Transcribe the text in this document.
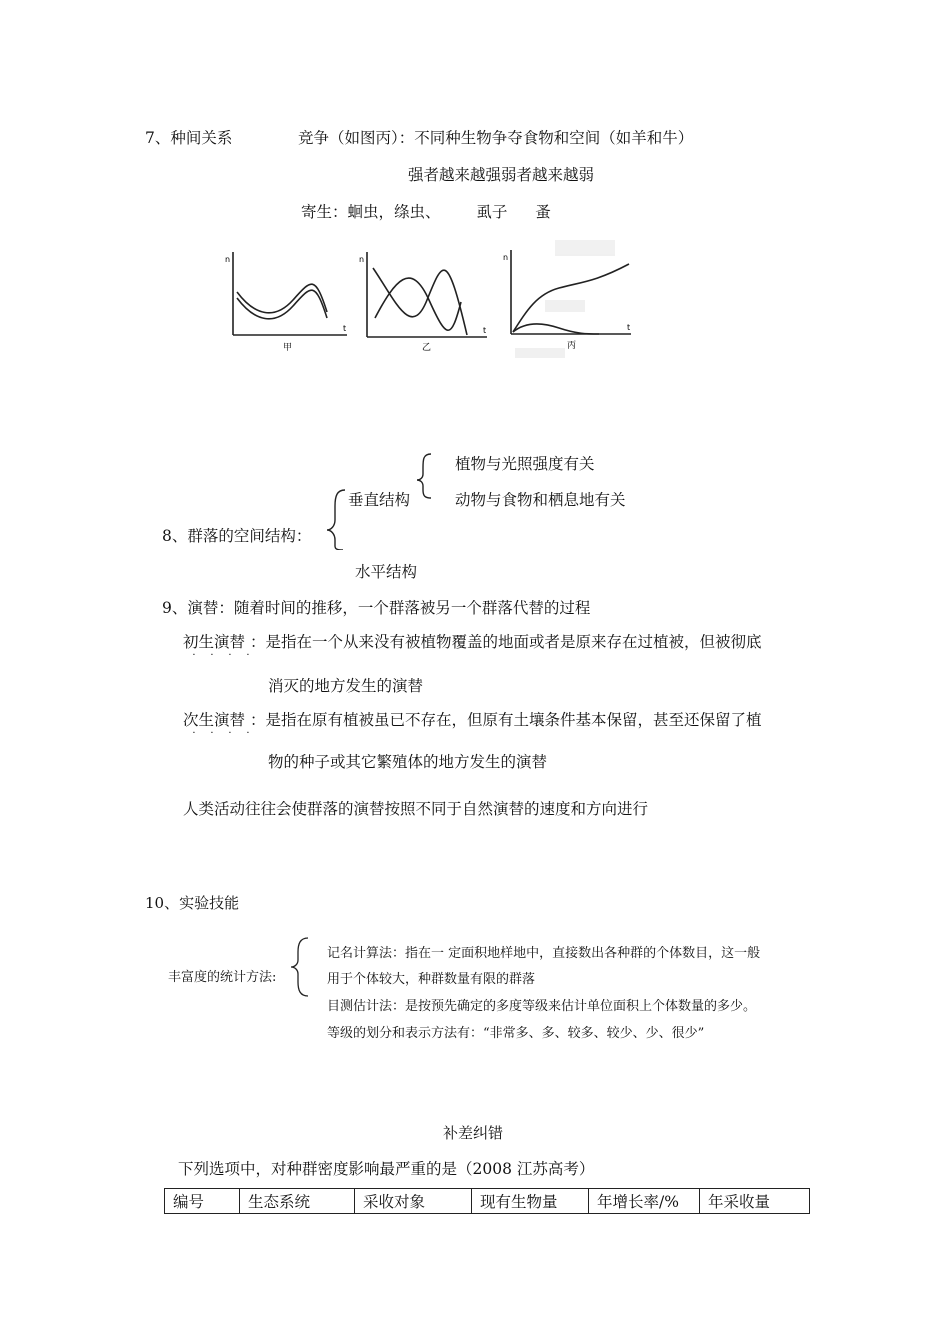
7、种间关系	竞争（如图丙）：不同种生物争夺食物和空间（如羊和牛）
强者越来越强弱者越来越弱
寄生：蛔虫，绦虫、 虱子 蚤
n
t
甲
n
t
乙
n
t
丙
植物与光照强度有关
动物与食物和栖息地有关
垂直结构
8、群落的空间结构：
水平结构
9、演替：随着时间的推移，一个群落被另一个群落代替的过程
初生演替
·	·	·	·
：是指在一个从来没有被植物覆盖的地面或者是原来存在过植被，但被彻底
消灭的地方发生的演替
次生演替
·	·	·	·
：是指在原有植被虽已不存在，但原有土壤条件基本保留，甚至还保留了植
物的种子或其它繁殖体的地方发生的演替
人类活动往往会使群落的演替按照不同于自然演替的速度和方向进行
10、实验技能
丰富度的统计方法:
记名计算法：指在一 定面积地样地中，直接数出各种群的个体数目，这一般
用于个体较大，种群数量有限的群落
目测估计法：是按预先确定的多度等级来估计单位面积上个体数量的多少。
等级的划分和表示方法有：“非常多、多、较多、较少、少、很少”
补差纠错
下列选项中，对种群密度影响最严重的是（2008 江苏高考）
编号	生态系统	采收对象	现有生物量	年增长率/%	年采收量
